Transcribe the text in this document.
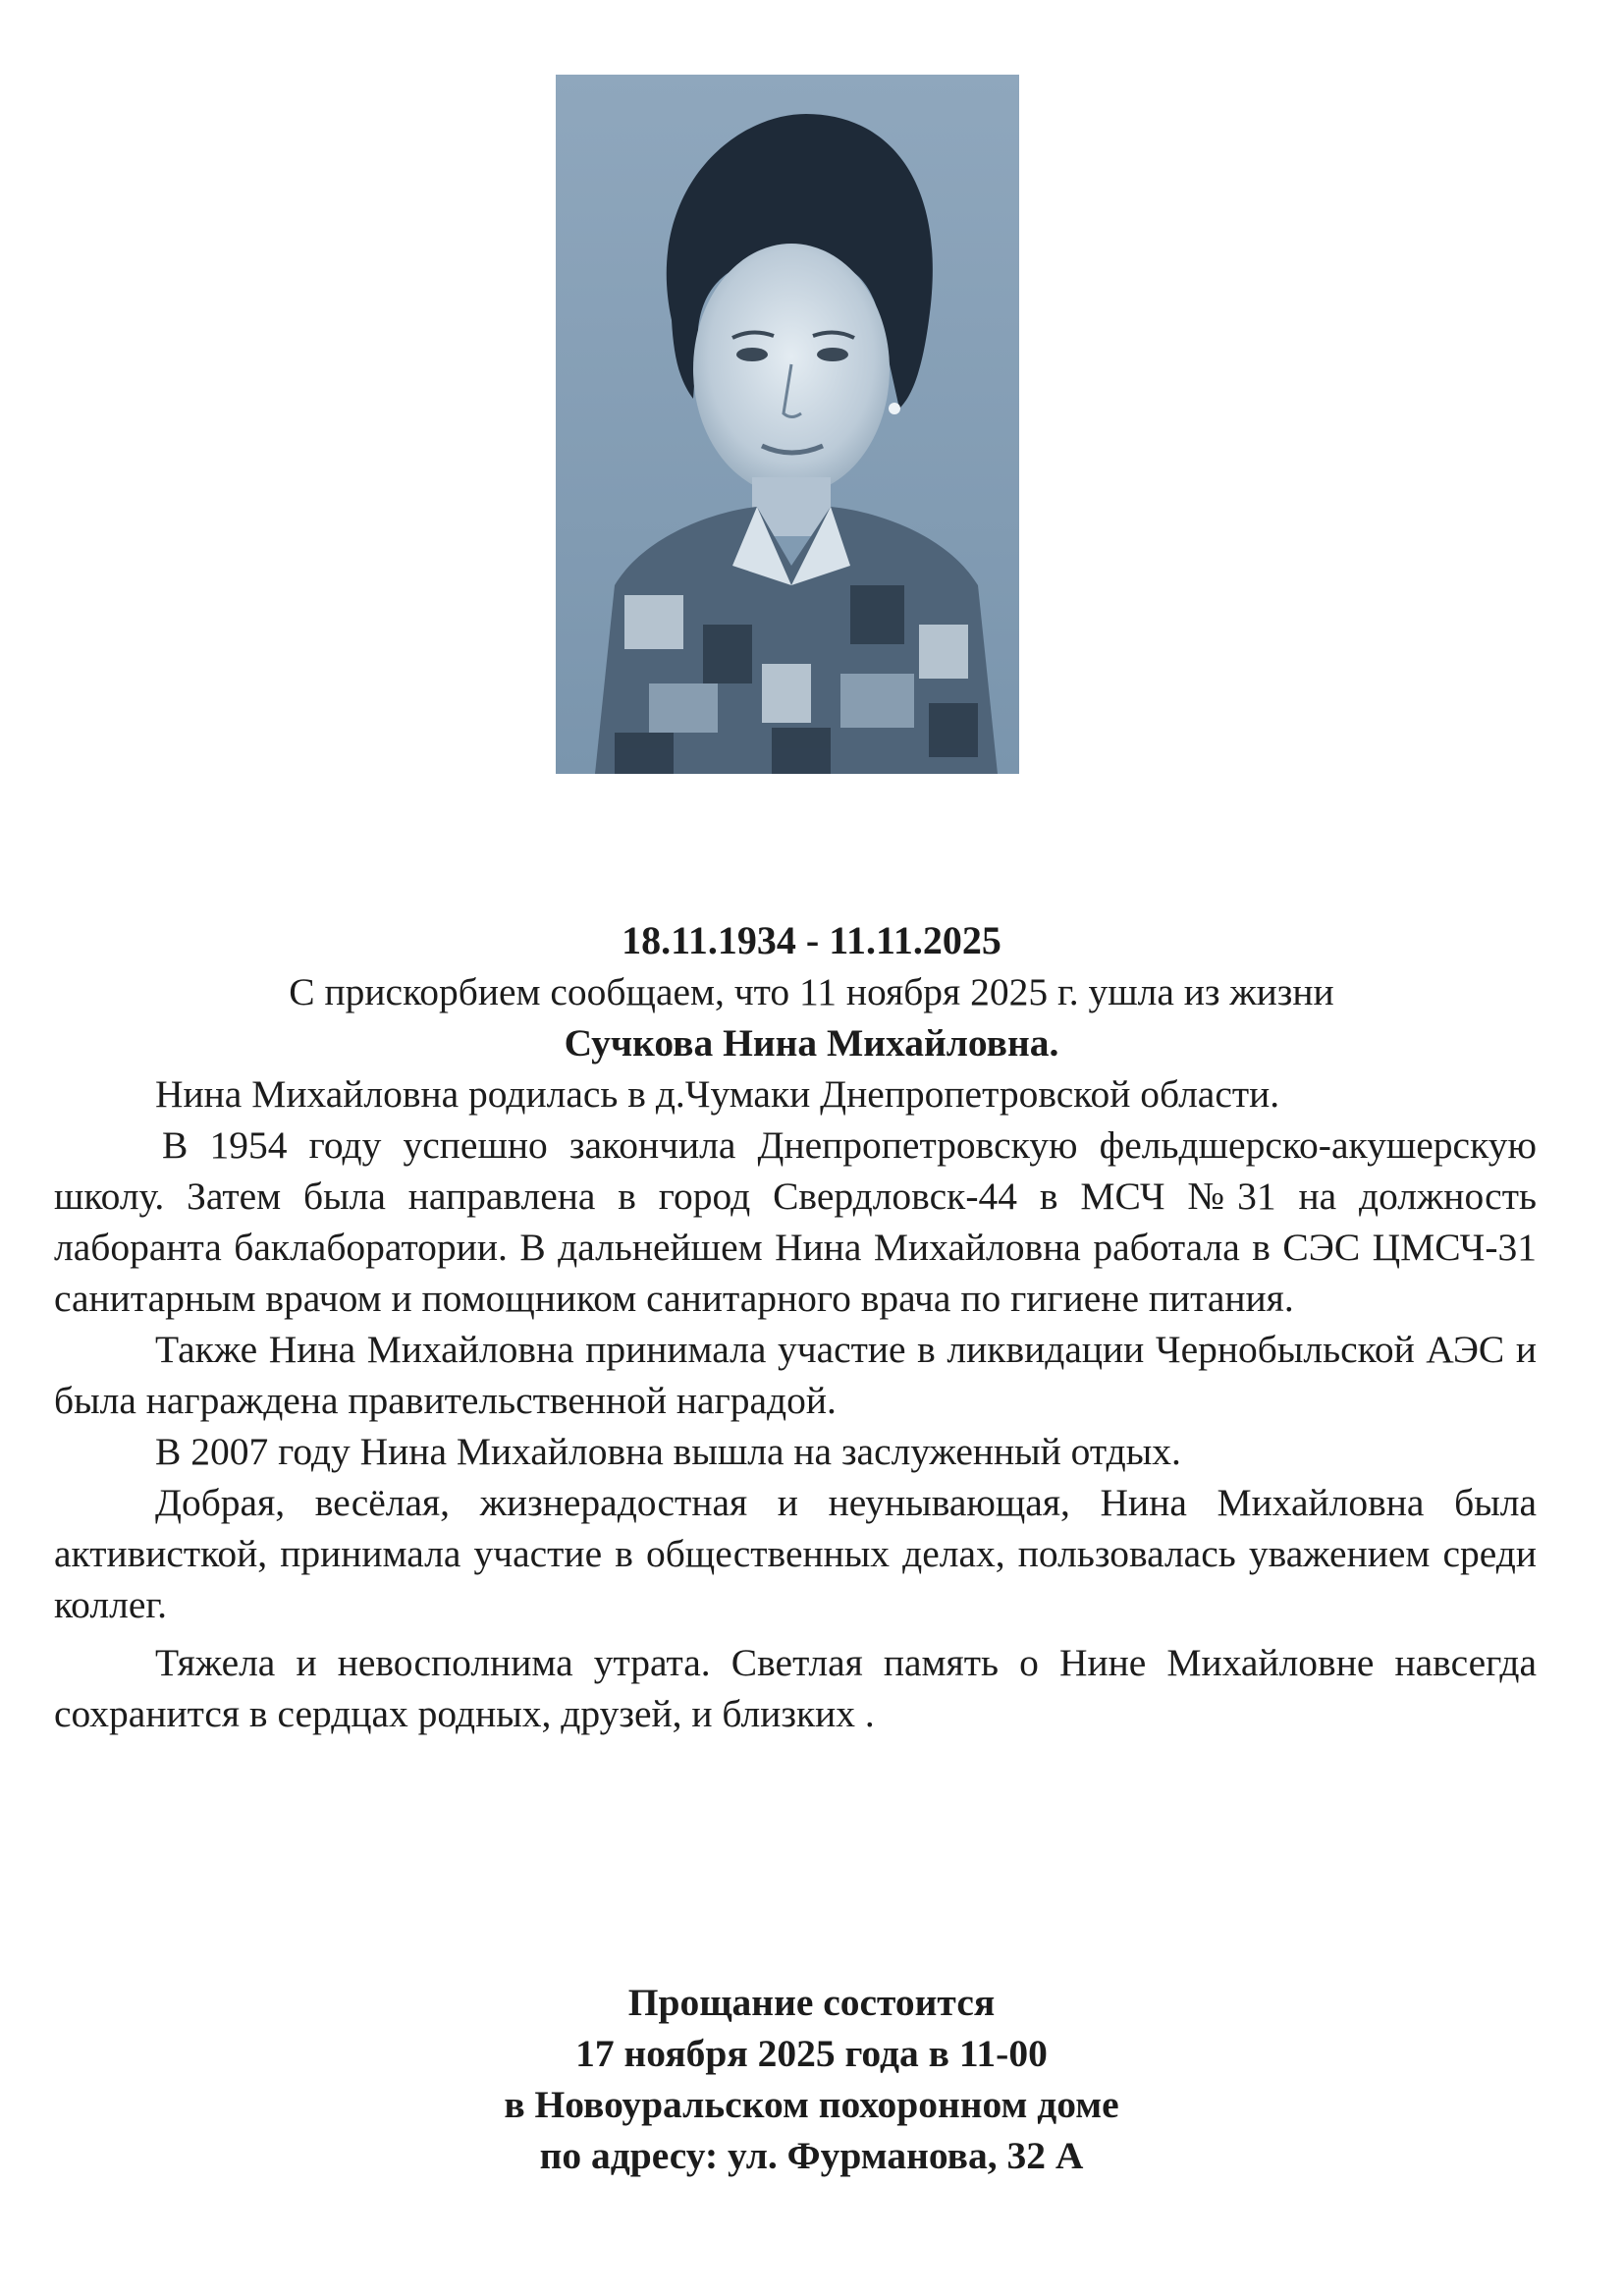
18.11.1934 - 11.11.2025
С прискорбием сообщаем, что 11 ноября 2025 г. ушла из жизни
Сучкова Нина Михайловна.
Нина Михайловна родилась в д.Чумаки Днепропетровской области.
В 1954 году успешно закончила Днепропетровскую фельдшерско-акушерскую школу. Затем была направлена в город Свердловск-44 в МСЧ №31 на должность лаборанта баклаборатории. В дальнейшем Нина Михайловна работала в СЭС ЦМСЧ-31 санитарным врачом и помощником санитарного врача по гигиене питания.
Также Нина Михайловна принимала участие в ликвидации Чернобыльской АЭС и была награждена правительственной наградой.
В 2007 году Нина Михайловна вышла на заслуженный отдых.
Добрая, весёлая, жизнерадостная и неунывающая, Нина Михайловна была активисткой, принимала участие в общественных делах, пользовалась уважением среди коллег.
Тяжела и невосполнима утрата. Светлая память о Нине Михайловне навсегда сохранится в сердцах родных, друзей, и близких .
Прощание состоится
17 ноября 2025 года в 11-00
в Новоуральском похоронном доме
по адресу: ул. Фурманова, 32 А
